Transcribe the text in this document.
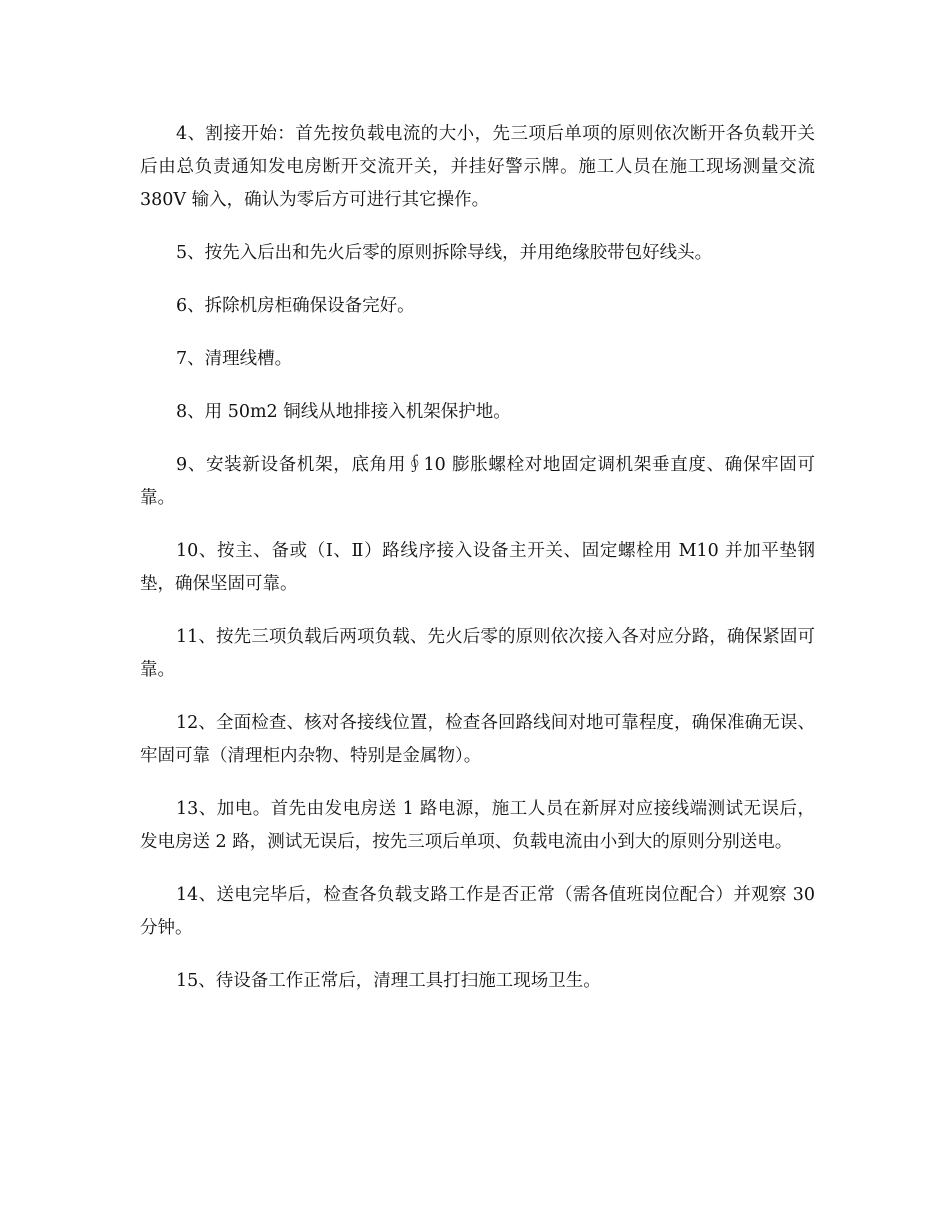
4、割接开始：首先按负载电流的大小，先三项后单项的原则依次断开各负载开关后由总负责通知发电房断开交流开关，并挂好警示牌。施工人员在施工现场测量交流 380V 输入，确认为零后方可进行其它操作。

5、按先入后出和先火后零的原则拆除导线，并用绝缘胶带包好线头。

6、拆除机房柜确保设备完好。

7、清理线槽。

8、用 50m2 铜线从地排接入机架保护地。

9、安装新设备机架，底角用∮10 膨胀螺栓对地固定调机架垂直度、确保牢固可靠。

10、按主、备或（Ⅰ、Ⅱ）路线序接入设备主开关、固定螺栓用 M10 并加平垫钢垫，确保坚固可靠。

11、按先三项负载后两项负载、先火后零的原则依次接入各对应分路，确保紧固可靠。

12、全面检查、核对各接线位置，检查各回路线间对地可靠程度，确保准确无误、牢固可靠（清理柜内杂物、特别是金属物）。

13、加电。首先由发电房送 1 路电源，施工人员在新屏对应接线端测试无误后，发电房送 2 路，测试无误后，按先三项后单项、负载电流由小到大的原则分别送电。

14、送电完毕后，检查各负载支路工作是否正常（需各值班岗位配合）并观察 30 分钟。

15、待设备工作正常后，清理工具打扫施工现场卫生。
